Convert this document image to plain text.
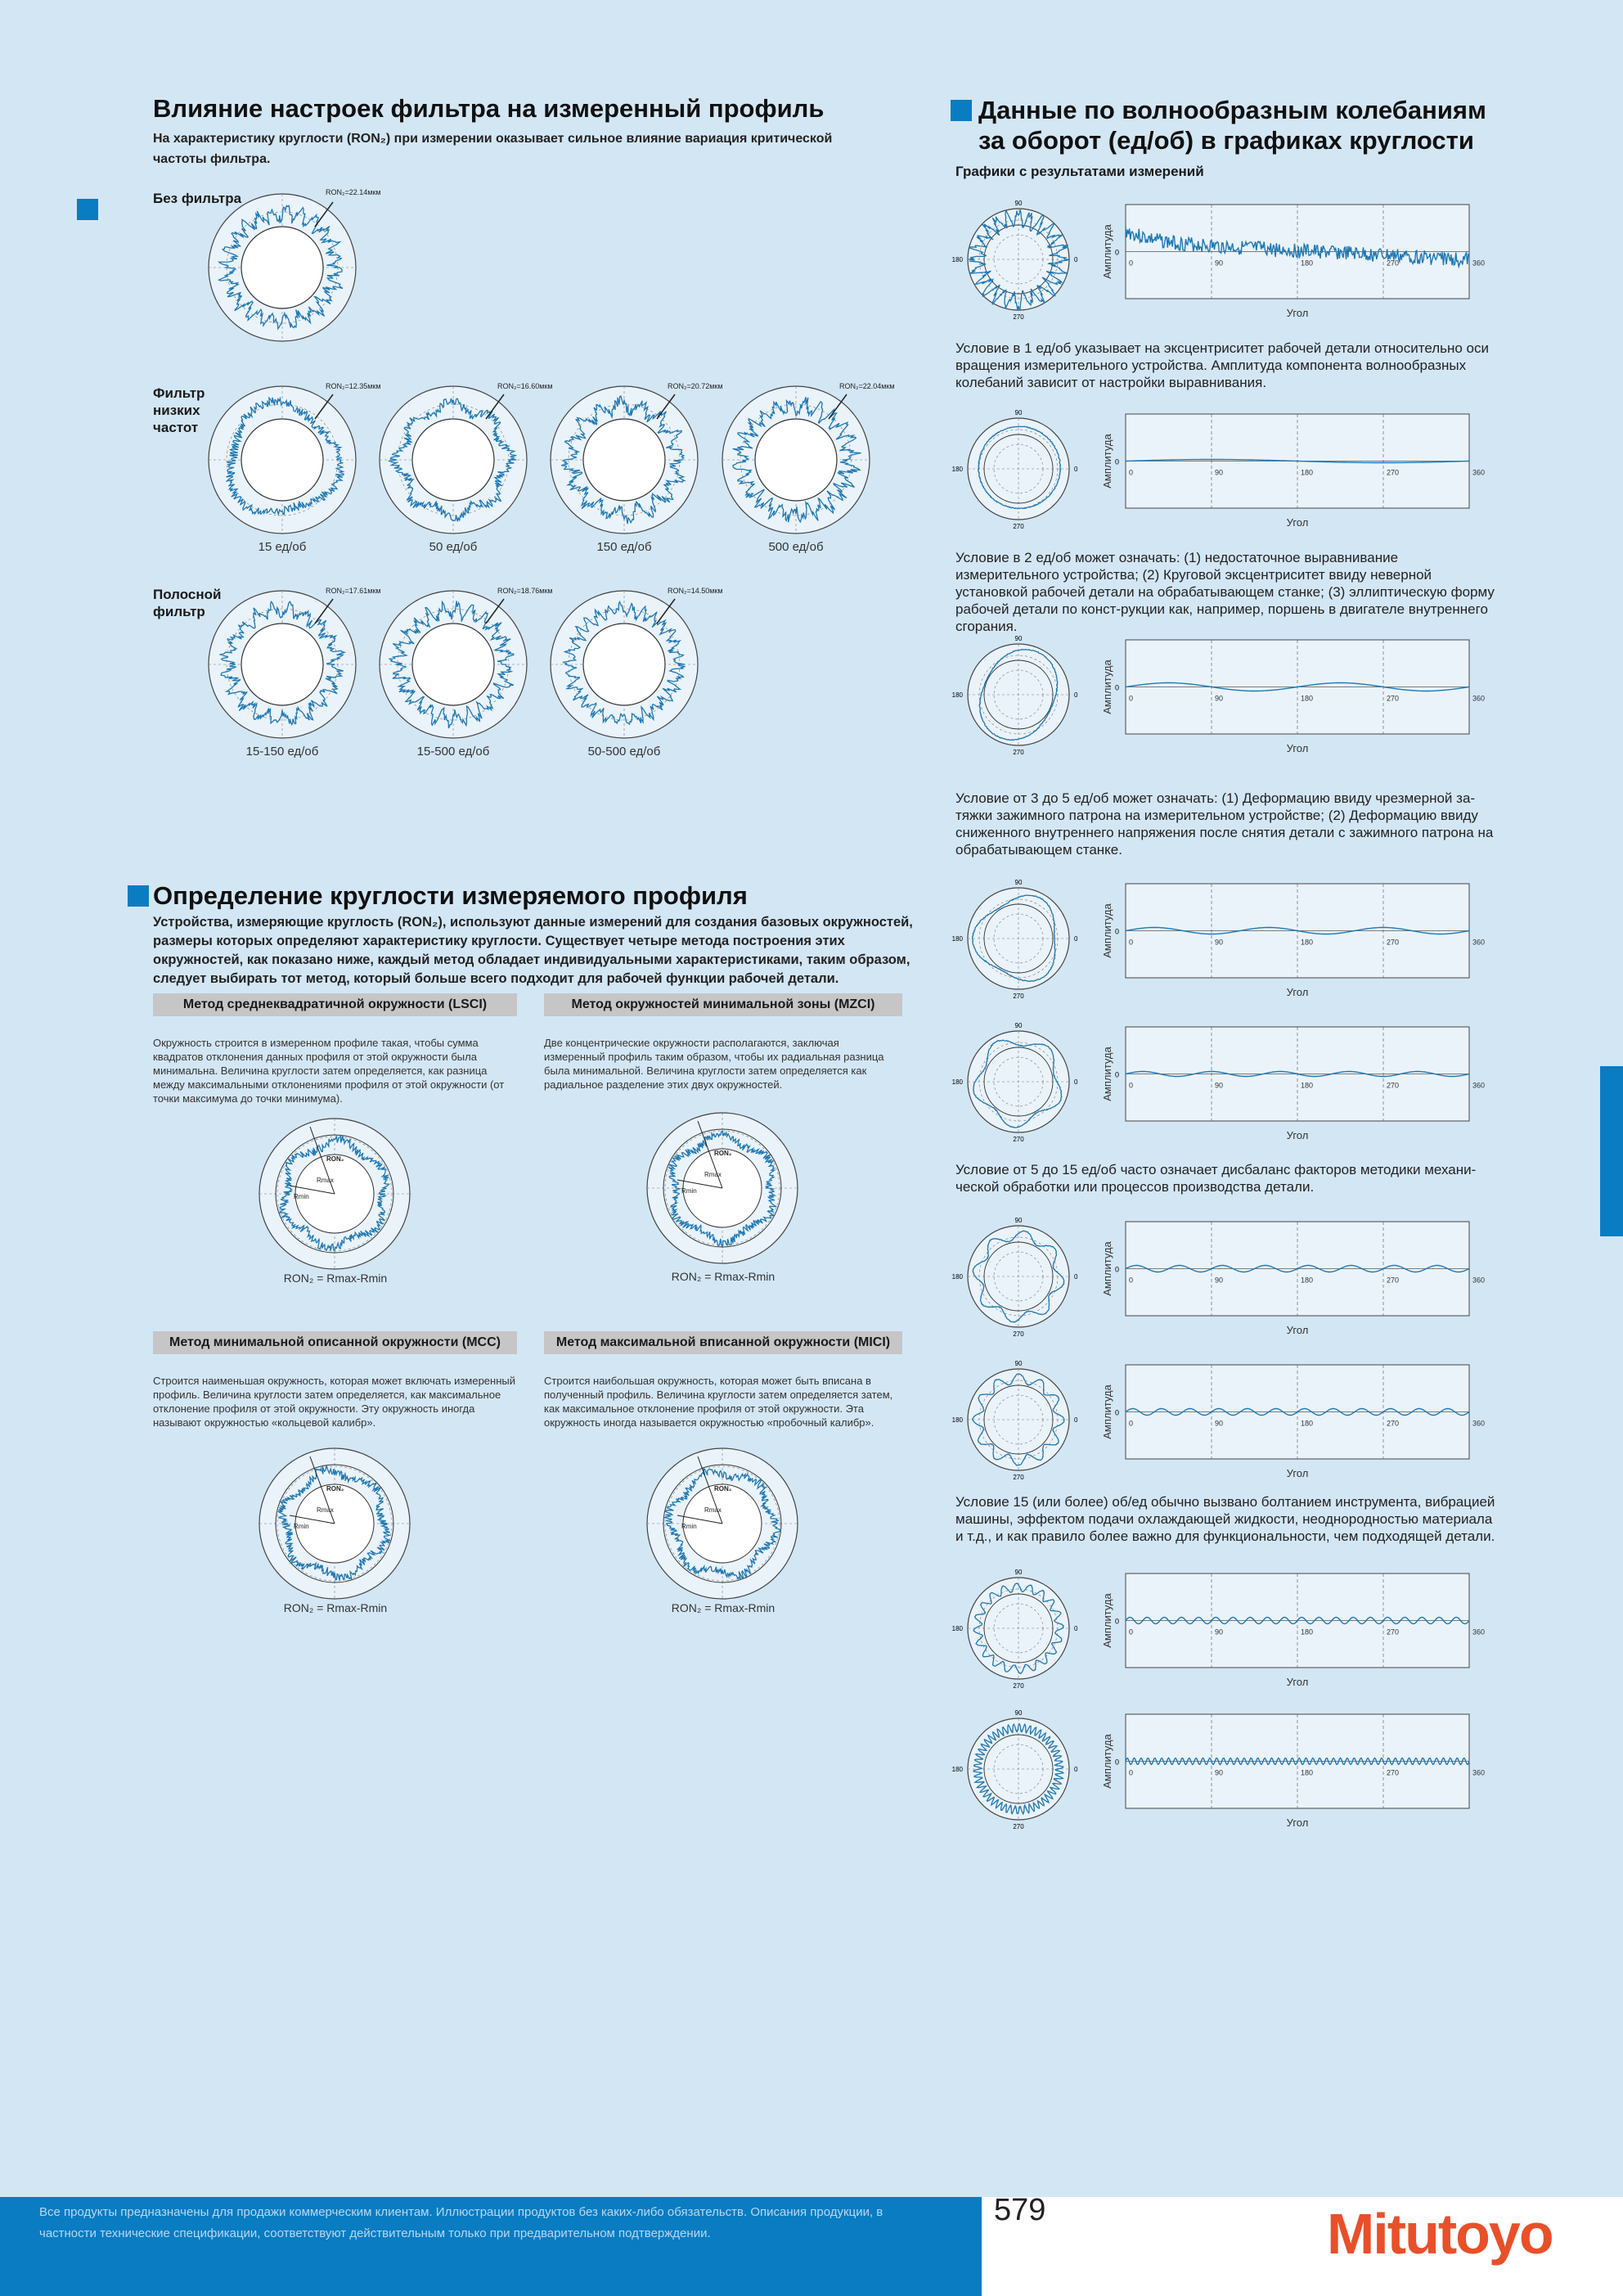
Влияние настроек фильтра на измеренный профиль
На характеристику круглости (RON₂) при измерении оказывает сильное влияние вариация критической частоты фильтра.
Без фильтра
Фильтр низких частот
Полосной фильтр
RON₂=22.14мкм
RON₂=12.35мкм
15 ед/об
RON₂=16.60мкм
50 ед/об
RON₂=20.72мкм
150 ед/об
RON₂=22.04мкм
500 ед/об
RON₂=17.61мкм
15-150 ед/об
RON₂=18.76мкм
15-500 ед/об
RON₂=14.50мкм
50-500 ед/об
Определение круглости измеряемого профиля
Устройства, измеряющие круглость (RON₂), используют данные измерений для создания базовых окружностей, размеры которых определяют характеристику круглости. Существует четыре метода построения этих окружностей, как показано ниже, каждый метод обладает индивидуальными характеристиками, таким образом, следует выбирать тот метод, который больше всего подходит для рабочей функции рабочей детали.
Метод среднеквадратичной окружности (LSCI)
Окружность строится в измеренном профиле такая, чтобы сумма квадратов отклонения данных профиля от этой окружности была минимальна. Величина круглости затем определяется, как разница между максимальными отклонениями профиля от этой окружности (от точки максимума до точки минимума).
Rmax
Rmin
RON₂
RON₂ = Rmax-Rmin
Метод окружностей минимальной зоны (MZCI)
Две концентрические окружности располагаются, заключая измеренный профиль таким образом, чтобы их радиальная разница была минимальной. Величина круглости затем определяется как радиальное разделение этих двух окружностей.
Rmax
Rmin
RON₂
RON₂ = Rmax-Rmin
Метод минимальной описанной окружности (MCC)
Строится наименьшая окружность, которая может включать измеренный профиль. Величина круглости затем определяется, как максимальное отклонение профиля от этой окружности. Эту окружность иногда называют окружностью «кольцевой калибр».
Rmax
Rmin
RON₂
RON₂ = Rmax-Rmin
Метод максимальной вписанной окружности (MICI)
Строится наибольшая окружность, которая может быть вписана в полученный профиль. Величина круглости затем определяется затем, как максимальное отклонение профиля от этой окружности. Эта окружность иногда называется окружностью «пробочный калибр».
Rmax
Rmin
RON₂
RON₂ = Rmax-Rmin
Данные по волнообразным колебаниям за оборот (ед/об) в графиках круглости
Графики с результатами измерений
90
180	0
270
Амплитуда 0
0	90	180	270	360
Угол
Условие в 1 ед/об указывает на эксцентриситет рабочей детали относительно оси вращения измерительного устройства. Амплитуда компонента волнообразных колебаний зависит от настройки выравнивания.
90
180	0
270
Амплитуда 0
0	90	180	270	360
Угол
Условие в 2 ед/об может означать: (1) недостаточное выравнивание измерительного устройства; (2) Круговой эксцентриситет ввиду неверной установкой рабочей детали на обрабатывающем станке; (3) эллиптическую форму рабочей детали по конст-рукции как, например, поршень в двигателе внутреннего сгорания.
90
180	0
270
Амплитуда 0
0	90	180	270	360
Угол
Условие от 3 до 5 ед/об может означать: (1) Деформацию ввиду чрезмерной за-тяжки зажимного патрона на измерительном устройстве; (2) Деформацию ввиду сниженного внутреннего напряжения после снятия детали с зажимного патрона на обрабатывающем станке.
90
180	0
270
Амплитуда 0
0	90	180	270	360
Угол
90
180	0
270
Амплитуда 0
0	90	180	270	360
Угол
Условие от 5 до 15 ед/об часто означает дисбаланс факторов методики механи-ческой обработки или процессов производства детали.
90
180	0
270
Амплитуда 0
0	90	180	270	360
Угол
90
180	0
270
Амплитуда 0
0	90	180	270	360
Угол
Условие 15 (или более) об/ед обычно вызвано болтанием инструмента, вибрацией машины, эффектом подачи охлаждающей жидкости, неоднородностью материала и т.д., и как правило более важно для функциональности, чем подходящей детали.
90
180	0
270
Амплитуда 0
0	90	180	270	360
Угол
90
180	0
270
Амплитуда 0
0	90	180	270	360
Угол
Все продукты предназначены для продажи коммерческим клиентам. Иллюстрации продуктов без каких-либо обязательств. Описания продукции, в частности технические спецификации, соответствуют действительным только при предварительном подтверждении.
579	Mitutoyo
